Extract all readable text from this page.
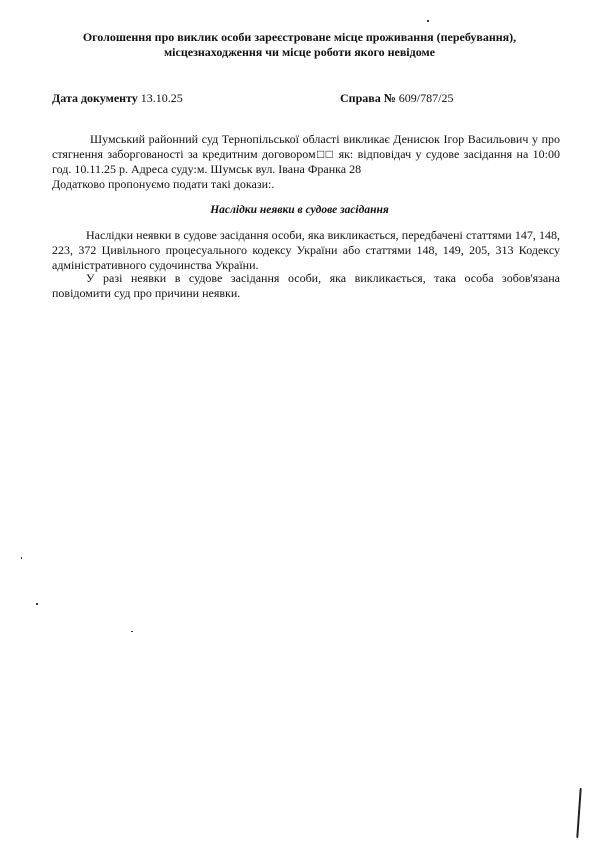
Оголошення про виклик особи зареєстроване місце проживання (перебування),
місцезнаходження чи місце роботи якого невідоме
Дата документу 13.10.25	Справа № 609/787/25
Шумський районний суд Тернопільської області викликає Денисюк Ігор Васильович у про стягнення заборгованості за кредитним договором□□ як: відповідач у судове засідання на 10:00 год. 10.11.25 р. Адреса суду:м. Шумськ вул. Івана Франка 28
Додатково пропонуємо подати такі докази:.
Наслідки неявки в судове засідання
Наслідки неявки в судове засідання особи, яка викликається, передбачені статтями 147, 148, 223, 372 Цивільного процесуального кодексу України або статтями 148, 149, 205, 313 Кодексу адміністративного судочинства України.
У разі неявки в судове засідання особи, яка викликається, така особа зобов'язана повідомити суд про причини неявки.
